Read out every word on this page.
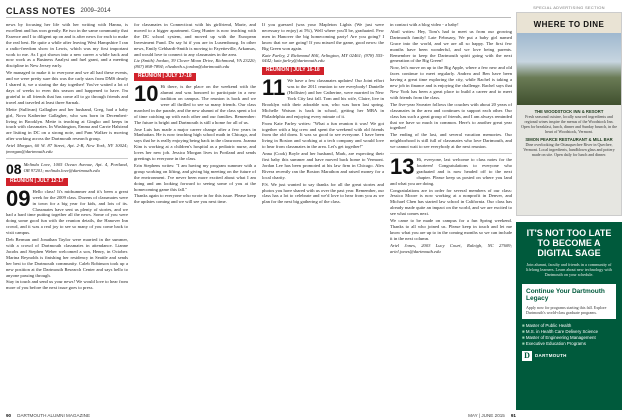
CLASS NOTES 2009–2014	SPECIAL ADVERTISING SECTION

news by focusing her life with her writing with Hanna, is excellent and has won greatly. Be two in the same community that Essence and I to diligent up on and is after news for each to make the real best. Be quite a while after leaving West Hampshire I ran a radio-freedom show in Lewis, which was my first important work to me. As I got shown into a new career a while back and now work as a Business Analyst and fuel grant, and a meeting discipline in New Jersey early.

We managed to make it to everyone and we all had these events, and we were pretty sure this was the carly stars from DMS dearly I shared it, we a staring the day together! You've waited a lot of days of weeks to even this season and happened to have. I'm grateful to all friends that has come all to go through friends and travel and traveled at least three Sarnak.

Mette (Sullivan) Gallagher and her husband, Greg, had a baby girl, Nova Katherine Gallagher, who was born in Decemberi-living in Brooklyn. Mette is teaching at Gingko and keeps in touch with classmates. In Washington, Emma and Carrie Halstead are lisiting in DC on a strong note, and Pam Walker is moving after working across the Dartmouth research group.

Ariel Morgan, 60 W. 87 Street, Apt. 2-B, New York, NY 10024; jmorgan@dartmouth.edu

08 Melinda Love, 1005 Ocean Avenue, Apt. 4, Portland, OR 97201; melinda.love@dartmouth.edu

REUNION | JULY 12-17

09 Hello class! It's midsummer and it's been a great week for the 2009 class. Dozens of classmates were in town for a big year for kids, and lots of its. Classmates have sent us plenty of stories, and we had a hard time putting together all the news. Some of you were doing some good fun with the reunion details, the Hanover Inn crowd, and it was a real joy to see so many of you come back to visit campus.

Deb Berman and Jonathan Taylor were married in the summer, with a crowd of Dartmouth classmates in attendance. Lianne Jacobs and Stephen Weber welcomed a son, Henry, in October. Marina Reynolds is finishing her residency in Seattle and sends her best to the Dartmouth community. Caleb Robinson took up a new position at the Dartmouth Research Center and says hello to anyone passing through.

Stay in touch and send us your news! We would love to hear from more of you before the next issue goes to press.

for classmates in Connecticut with his girlfriend, Marie, and moved to a bigger apartment. Greg Hunter is now teaching with the DC school system, and moved up with the European Investment Fund. Do say hi if you are in Luxembourg. In other news, Emily Gebhardt-Smith is moving to Fayetteville, Arkansas, and would love to connect to any classmates in the area.

Liz (Smith) Jordan, 39 Clover Moon Drive, Richmond, VA 23220; (807) 868-7894; elizabeth.s.jordan@dartmouth.edu

REUNION | JULY 17-18

10 Hi there, is the place on the weekend with the alumni and was honored to participate in a new tradition on campus. The reunion is back and we were all thrilled to see so many friends. Our class marched in the parade, and the new alumni of the class spent a lot of time catching up with each other and our families. Remember: The future is bright and Dartmouth is still a home for all of us.

Jose Luis has made a major career change after a few years in Manhattan. He is now teaching high school math in Chicago, and says that he is really enjoying being back in the classroom. Joanna Kim is working at a children's hospital as a pediatric nurse, and loves her new job. Jessica Morgan lives in Portland and sends greetings to everyone in the class.

Erin Stephens writes: "I am having my program summer with a group working on lifting, and giving big meeting on the future of the environment. I've never been more excited about what I am doing and am looking forward to seeing some of you at the homecoming game this fall."

Thanks again to everyone who wrote in for this issue. Please keep the updates coming and we will see you next time.

If you guessed (was your Mapleton Lights (We just were necessary to enjoy) at 5%), Well where you'll be, graduated. Few men in Hanover the big homecoming party! Are you going? I know that we are going! If you missed the game, good news: the Big Green won again.

Kate Farley, 2 Richmond Hill, Arlington, MY 02461; (978) 555-0442; kate.farley@dartmouth.edu

REUNION | JULY 16-18

11 We have a few classmates updates! Our Joint effort was to the 2011 reunion to see everybody! Danielle (Hollister) and her Catherine, were married in New York City last fall. Tom and his wife, Claire, live in Brooklyn with their adorable son, who was born last spring. Michelle Watson is back in school, getting her MBA in Philadelphia and enjoying every minute of it.

From Kate Farley writes: "What a fun reunion it was! We got together with a big crew and spent the weekend with old friends from the old dorm. It was so good to see everyone. I have been living in Boston and working at a tech company and would love to hear from classmates in the area. Let's get together!"

Anna (Cook) Boyle and her husband, Mark, are expecting their first baby this summer and have moved back home to Vermont. Jordan Lee has been promoted at his law firm in Chicago. Alex Rivera recently ran the Boston Marathon and raised money for a local charity.

P.S. We just wanted to say thanks for all the great stories and photos you have shared with us over the past year. Remember, our class has a lot to celebrate and we'd love to hear from you as we plan for the next big gathering of the class.

in contact with a blog video - a baby!

Abril writes: Hey, Tom's had to meet us from our growing Dartmouth family! Late February, We put a baby girl named Grace into the world, and we are all so happy. The first few months have been wonderful, and we love being parents. Remember to keep the Dartmouth spirit going with the next generation of the Big Green!

Now, let's move on up to the Big Apple, where a few new and old faces continue to meet regularly. Andrea and Ben have been having a great time exploring the city, while Rachel is taking a new job in finance and is enjoying the challenge. Rachel says that New York has been a great place to build a career and to meet with friends from the class.

The five-year Sweater follows the couches with about 20 years of classmates in the area and continues to support each other. Our class has such a great group of friends, and I am always reminded that we have so much in common. Here's to another great year together!

The ending of the last, and several vacation memories. Our neighborhood is still full of classmates who love Dartmouth, and we cannot wait to see everybody at the next reunion.

13 Hi, everyone, last welcome to class notes for the fourteen! Congratulations to everyone who graduated and is now headed off to the next chapter. Please keep us posted on where you land and what you are doing.

Congratulations are in order for several members of our class: Jessica Moore is now working at a nonprofit in Denver, and Michael Chen has started law school in California. Our class has already made quite an impact on the world, and we are excited to see what comes next.

We came to be made on campus for a fun Spring weekend. Thanks to all who joined us. Please keep in touch and let me know what you are up to in the coming months so we can include it in the next column.

Ariel Jones, 2003 Lucy Court, Raleigh, NC 27609; ariel.jones@dartmouth.edu

WHERE TO DINE
THE WOODSTOCK INN & RESORT
Fresh seasonal cuisine, locally sourced ingredients and regional wines inspire the menus of the Woodstock Inn. Open for breakfast, lunch, dinner and Sunday brunch, in the heart of Woodstock, Vermont.
SIMON PEARCE RESTAURANT & MILL BAR
Dine overlooking the Ottauquechee River in Quechee, Vermont. Local ingredients, handblown glass and pottery made on site. Open daily for lunch and dinner.
IT'S NOT TOO LATE TO BECOME A DIGITAL SAGE
Join alumni, faculty and friends in a community of lifelong learners. Learn about new technology with Dartmouth on your schedule.
Continue Your Dartmouth Legacy
Apply now for programs starting this fall. Explore Dartmouth's world-class graduate programs.
■ Master of Public Health
■ M.S. in Health Care Delivery Science
■ Master of Engineering Management
■ Executive Education Programs
D	DARTMOUTH
90 DARTMOUTH ALUMNI MAGAZINE	MAY | JUNE 2015 91
